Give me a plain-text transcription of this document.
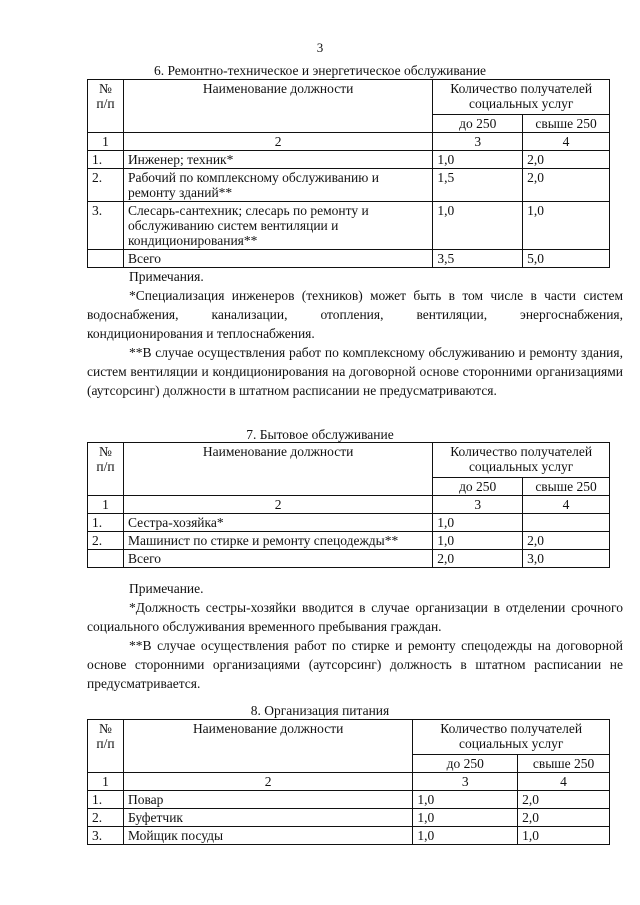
3
6. Ремонтно-техническое и энергетическое обслуживание
№ п/п	Наименование должности	Количество получателей социальных услуг	
		до 250	свыше 250
1	2	3	4
1.	Инженер; техник*	1,0	2,0
2.	Рабочий по комплексному обслуживанию и ремонту зданий**	1,5	2,0
3.	Слесарь-сантехник; слесарь по ремонту и обслуживанию систем вентиляции и кондиционирования**	1,0	1,0
	Всего	3,5	5,0

Примечания.

*Специализация инженеров (техников) может быть в том числе в части систем водоснабжения, канализации, отопления, вентиляции, энергоснабжения, кондиционирования и теплоснабжения.

**В случае осуществления работ по комплексному обслуживанию и ремонту здания, систем вентиляции и кондиционирования на договорной основе сторонними организациями (аутсорсинг) должности в штатном расписании не предусматриваются.

7. Бытовое обслуживание
№ п/п	Наименование должности	Количество получателей социальных услуг	
		до 250	свыше 250
1	2	3	4
1.	Сестра-хозяйка*	1,0	
2.	Машинист по стирке и ремонту спецодежды**	1,0	2,0
	Всего	2,0	3,0

Примечание.

*Должность сестры-хозяйки вводится в случае организации в отделении срочного социального обслуживания временного пребывания граждан.

**В случае осуществления работ по стирке и ремонту спецодежды на договорной основе сторонними организациями (аутсорсинг) должность в штатном расписании не предусматривается.

8. Организация питания
№ п/п	Наименование должности	Количество получателей социальных услуг	
		до 250	свыше 250
1	2	3	4
1.	Повар	1,0	2,0
2.	Буфетчик	1,0	2,0
3.	Мойщик посуды	1,0	1,0
